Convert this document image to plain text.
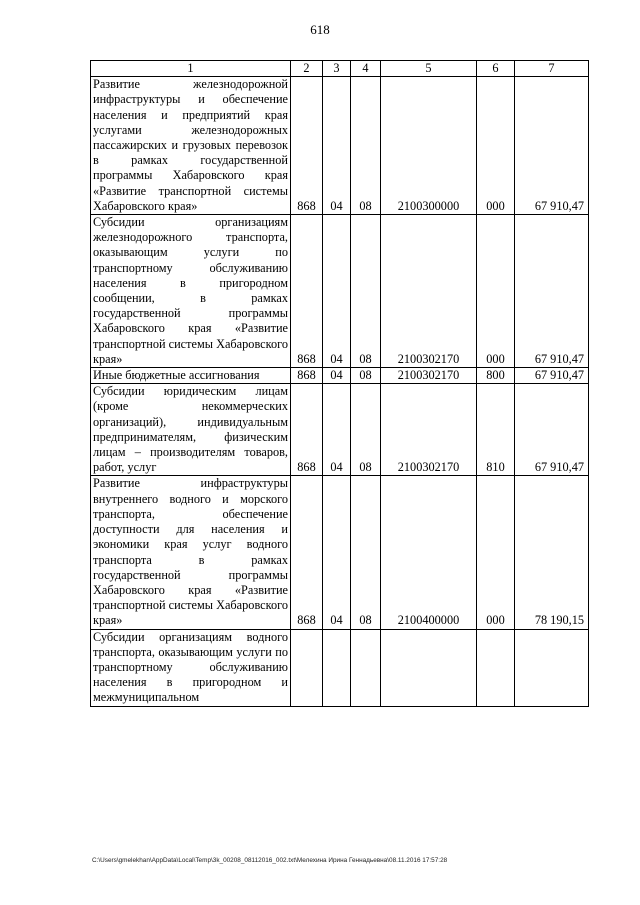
618
1	2	3	4	5	6	7
Развитие железнодорожной инфраструктуры и обеспечение населения и предприятий края услугами железнодорожных пассажирских и грузовых перевозок в рамках государственной программы Хабаровского края «Развитие транспортной системы Хабаровского края»	868	04	08	2100300000	000	67 910,47
Субсидии организациям железнодорожного транспорта, оказывающим услуги по транспортному обслуживанию населения в пригородном сообщении, в рамках государственной программы Хабаровского края «Развитие транспортной системы Хабаровского края»	868	04	08	2100302170	000	67 910,47
Иные бюджетные ассигнования	868	04	08	2100302170	800	67 910,47
Субсидии юридическим лицам (кроме некоммерческих организаций), индивидуальным предпринимателям, физическим лицам – производителям товаров, работ, услуг	868	04	08	2100302170	810	67 910,47
Развитие инфраструктуры внутреннего водного и морского транспорта, обеспечение доступности для населения и экономики края услуг водного транспорта в рамках государственной программы Хабаровского края «Развитие транспортной системы Хабаровского края»	868	04	08	2100400000	000	78 190,15
Субсидии организациям водного транспорта, оказывающим услуги по транспортному обслуживанию населения в пригородном и межмуниципальном						
C:\Users\gmelekhan\AppData\Local\Temp\3k_00208_08112016_002.txt\Мелехина Ирина Геннадьевна\08.11.2016 17:57:28
